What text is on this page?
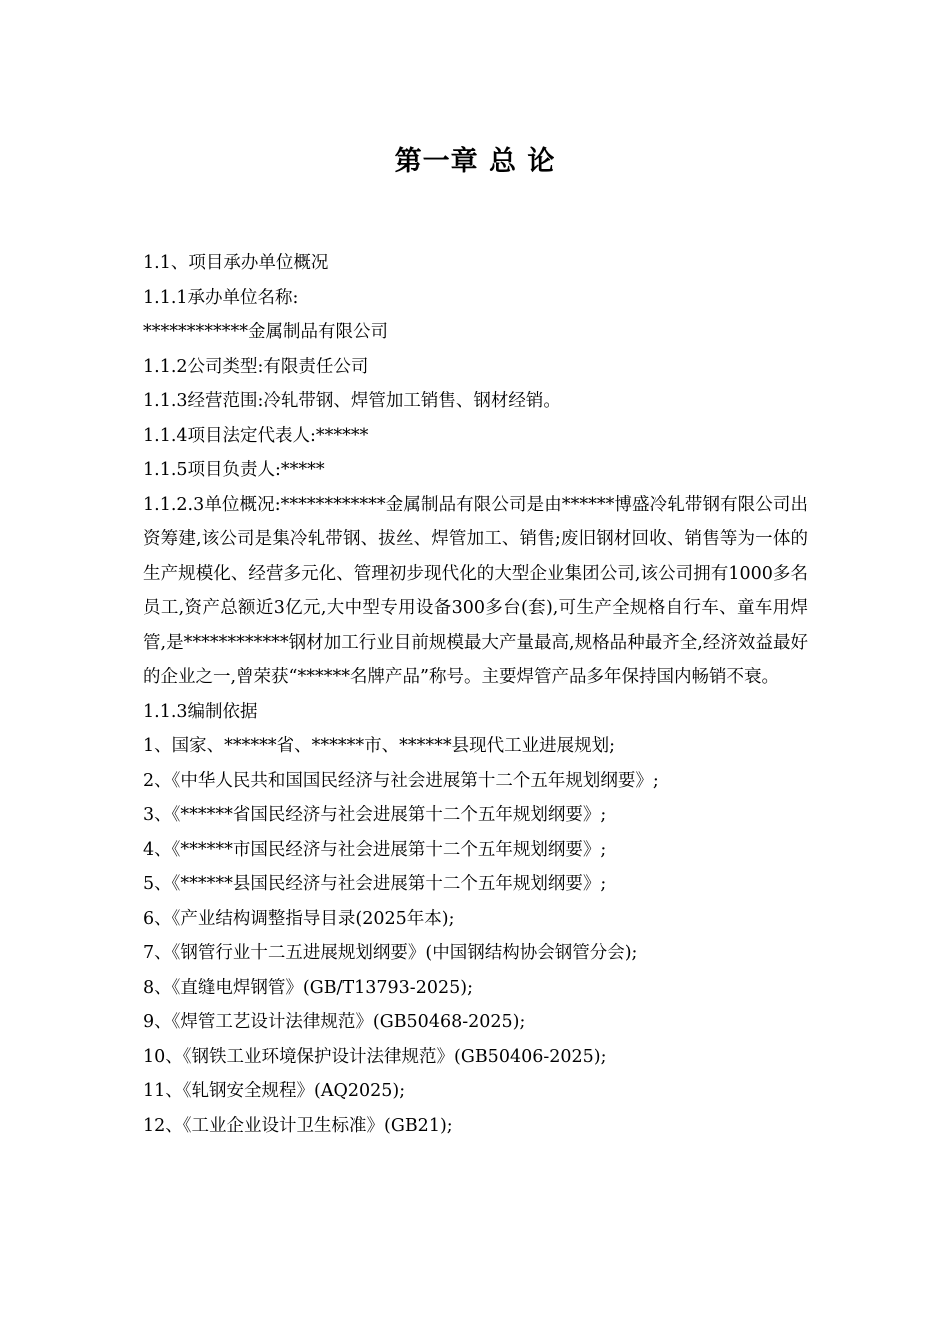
第一章 总 论
1.1、项目承办单位概况
1.1.1承办单位名称:
************金属制品有限公司
1.1.2公司类型:有限责任公司
1.1.3经营范围:冷轧带钢、焊管加工销售、钢材经销。
1.1.4项目法定代表人:******
1.1.5项目负责人:*****
1.1.2.3单位概况:************金属制品有限公司是由******博盛冷轧带钢有限公司出资筹建,该公司是集冷轧带钢、拔丝、焊管加工、销售;废旧钢材回收、销售等为一体的生产规模化、经营多元化、管理初步现代化的大型企业集团公司,该公司拥有1000多名员工,资产总额近3亿元,大中型专用设备300多台(套),可生产全规格自行车、童车用焊管,是************钢材加工行业目前规模最大产量最高,规格品种最齐全,经济效益最好的企业之一,曾荣获“******名牌产品”称号。主要焊管产品多年保持国内畅销不衰。
1.1.3编制依据
1、国家、******省、******市、******县现代工业进展规划;
2、《中华人民共和国国民经济与社会进展第十二个五年规划纲要》;
3、《******省国民经济与社会进展第十二个五年规划纲要》;
4、《******市国民经济与社会进展第十二个五年规划纲要》;
5、《******县国民经济与社会进展第十二个五年规划纲要》;
6、《产业结构调整指导目录(2025年本);
7、《钢管行业十二五进展规划纲要》(中国钢结构协会钢管分会);
8、《直缝电焊钢管》(GB/T13793-2025);
9、《焊管工艺设计法律规范》(GB50468-2025);
10、《钢铁工业环境保护设计法律规范》(GB50406-2025);
11、《轧钢安全规程》(AQ2025);
12、《工业企业设计卫生标准》(GB21);
